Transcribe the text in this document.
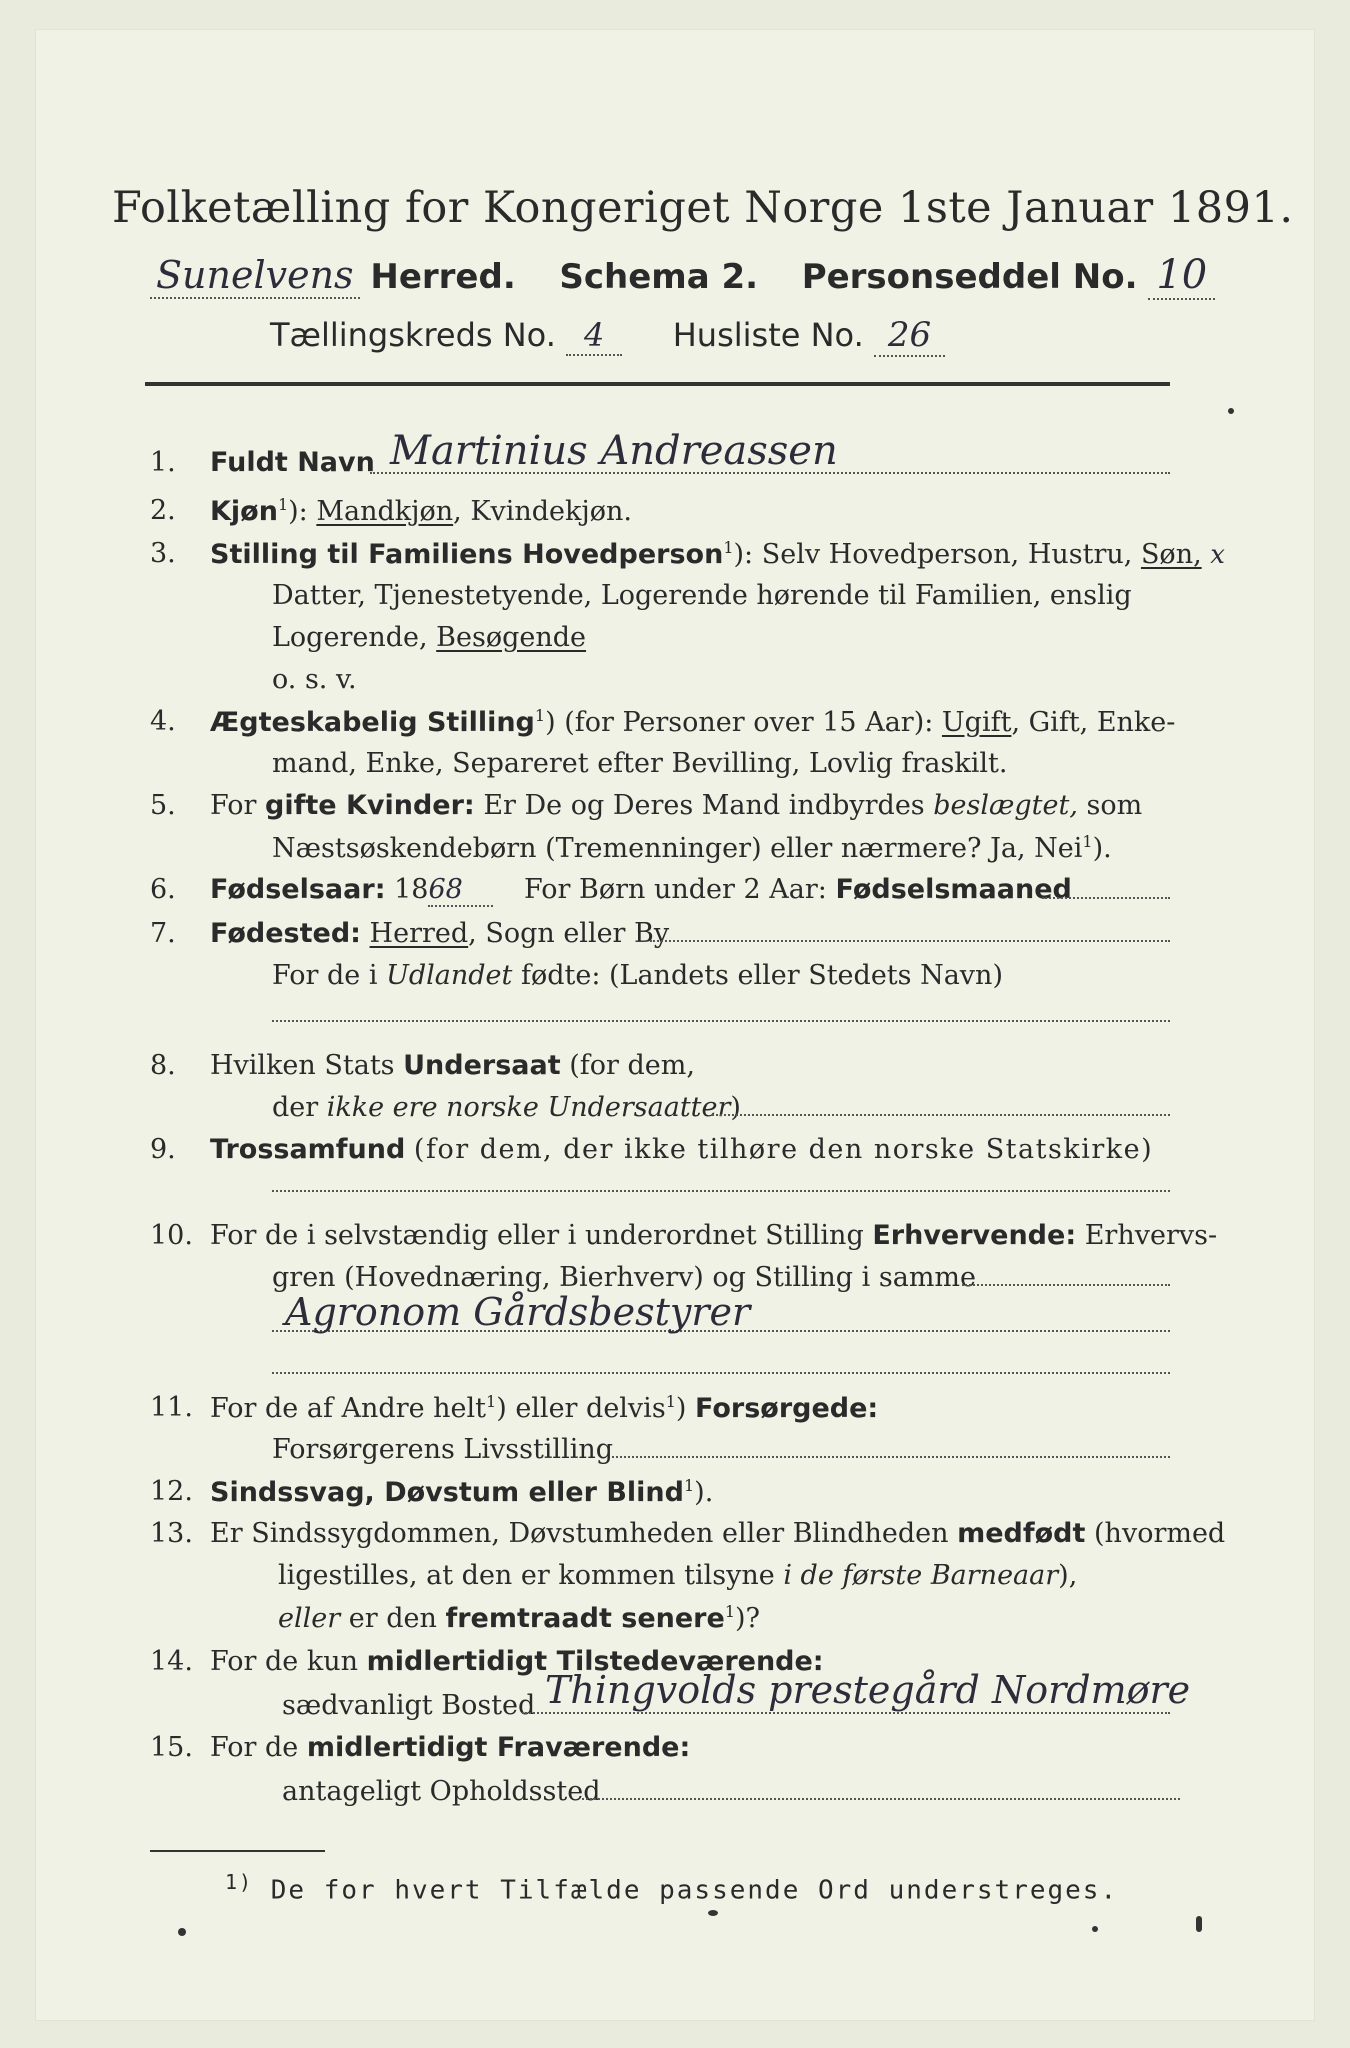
Folketælling for Kongeriget Norge 1ste Januar 1891.
Sunelvens Herred. Schema 2. Personseddel No. 10
Tællingskreds No. 4 Husliste No. 26
1.	Fuldt Navn Martinius Andreassen
2.	Kjøn$^1$): Mandkjøn, Kvindekjøn.
3.	Stilling til Familiens Hovedperson$^1$): Selv Hovedperson, Hustru, Søn, x
Datter, Tjenestetyende, Logerende hørende til Familien, enslig
Logerende, Besøgende
o. s. v.
4.	Ægteskabelig Stilling$^1$) (for Personer over 15 Aar): Ugift, Gift, Enke-
mand, Enke, Separeret efter Bevilling, Lovlig fraskilt.
5.	For gifte Kvinder: Er De og Deres Mand indbyrdes beslægtet, som
Næstsøskendebørn (Tremenninger) eller nærmere? Ja, Nei$^1$).
6.	Fødselsaar: 1868 For Børn under 2 Aar: Fødselsmaaned
7.	Fødested: Herred, Sogn eller By
For de i Udlandet fødte: (Landets eller Stedets Navn)
8.	Hvilken Stats Undersaat (for dem,
der ikke ere norske Undersaatter)
9.	Trossamfund (for dem, der ikke tilhøre den norske Statskirke)
10. For de i selvstændig eller i underordnet Stilling Erhvervende: Erhvervs-
gren (Hovednæring, Bierhverv) og Stilling i samme
Agronom Gårdsbestyrer
11. For de af Andre helt$^1$) eller delvis$^1$) Forsørgede:
Forsørgerens Livsstilling
12. Sindssvag, Døvstum eller Blind$^1$).
13. Er Sindssygdommen, Døvstumheden eller Blindheden medfødt (hvormed
ligestilles, at den er kommen tilsyne i de første Barneaar),
eller er den fremtraadt senere$^1$)?
14. For de kun midlertidigt Tilstedeværende:
sædvanligt Bosted Thingvolds prestegård Nordmøre
15. For de midlertidigt Fraværende:
antageligt Opholdssted
$^{1)}$ De for hvert Tilfælde passende Ord understreges.
